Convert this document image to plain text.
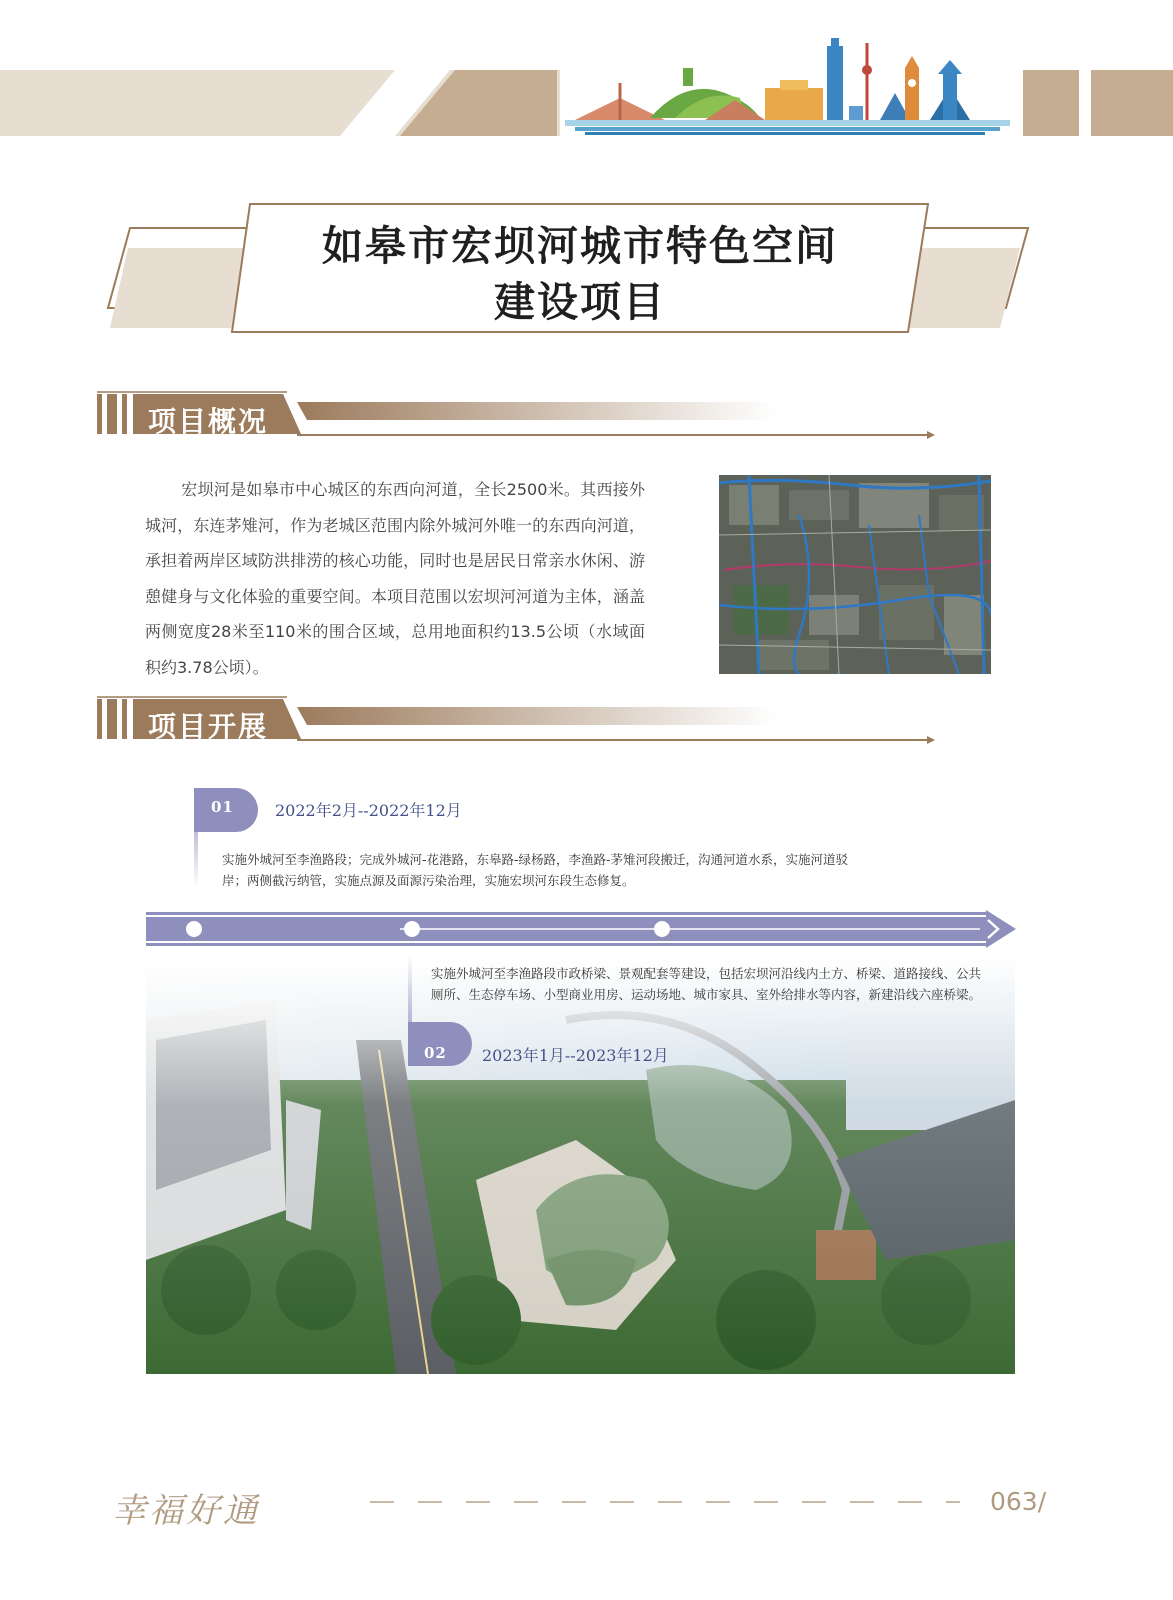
如皋市宏坝河城市特色空间
建设项目
项目概况
宏坝河是如皋市中心城区的东西向河道，全长2500米。其西接外城河，东连茅雉河，作为老城区范围内除外城河外唯一的东西向河道，承担着两岸区域防洪排涝的核心功能，同时也是居民日常亲水休闲、游憩健身与文化体验的重要空间。本项目范围以宏坝河河道为主体，涵盖两侧宽度28米至110米的围合区域，总用地面积约13.5公顷（水域面积约3.78公顷）。
项目开展
01	2022年2月--2022年12月
实施外城河至李渔路段；完成外城河-花港路，东皋路-绿杨路，李渔路-茅雉河段搬迁，沟通河道水系，实施河道驳岸；两侧截污纳管，实施点源及面源污染治理，实施宏坝河东段生态修复。
实施外城河至李渔路段市政桥梁、景观配套等建设，包括宏坝河沿线内土方、桥梁、道路接线、公共厕所、生态停车场、小型商业用房、运动场地、城市家具、室外给排水等内容，新建沿线六座桥梁。
02 2023年1月--2023年12月
幸福好通	063/
